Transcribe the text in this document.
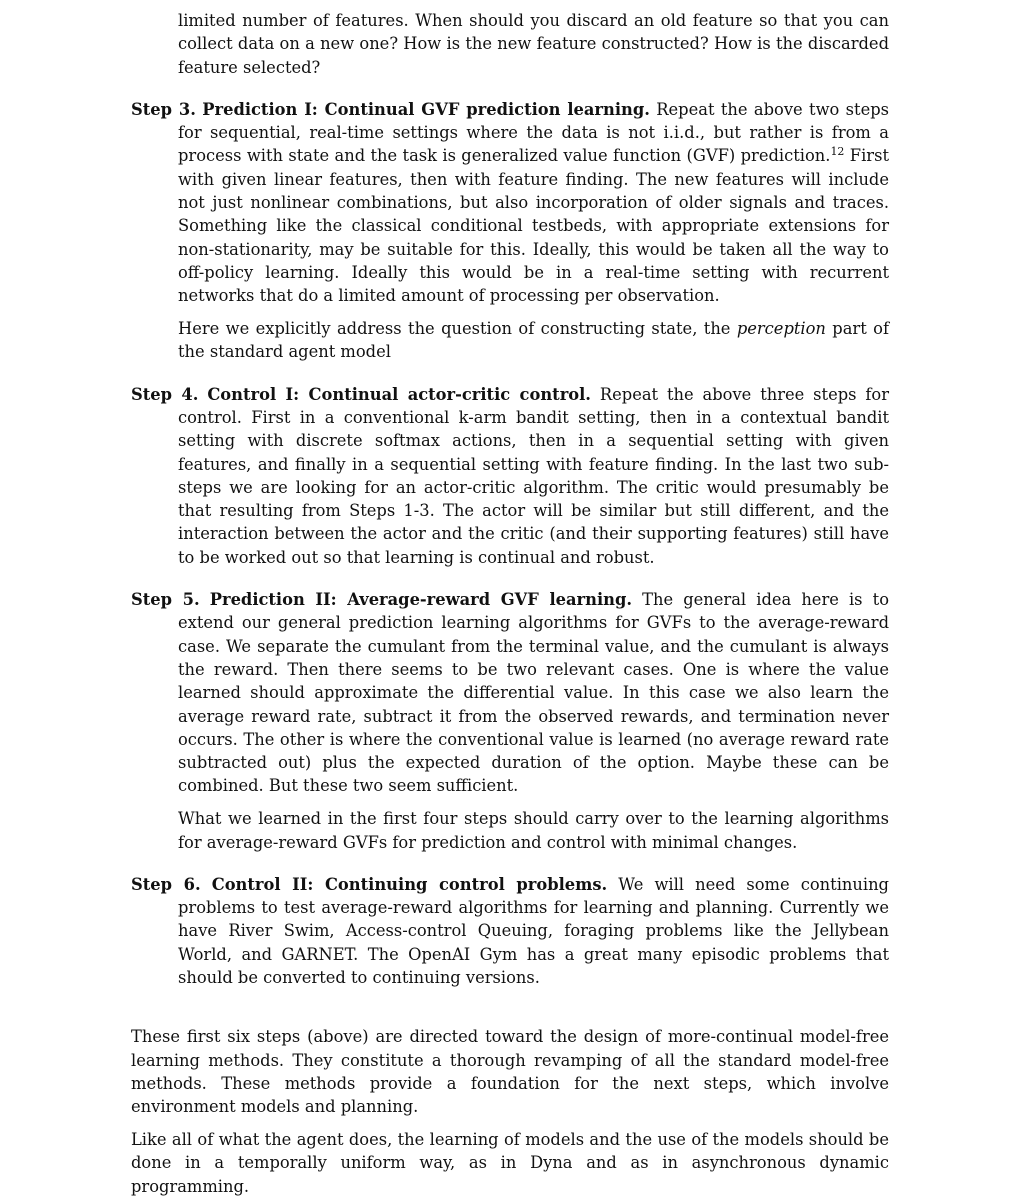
limited number of features. When should you discard an old feature so that you can collect data on a new one? How is the new feature constructed? How is the discarded feature selected?

Step 3. Prediction I: Continual GVF prediction learning. Repeat the above two steps for sequential, real-time settings where the data is not i.i.d., but rather is from a process with state and the task is generalized value function (GVF) prediction.$^{12}$ First with given linear features, then with feature finding. The new features will include not just nonlinear combinations, but also incorporation of older signals and traces. Something like the classical conditional testbeds, with appropriate extensions for non-stationarity, may be suitable for this. Ideally, this would be taken all the way to off-policy learning. Ideally this would be in a real-time setting with recurrent networks that do a limited amount of processing per observation.

Here we explicitly address the question of constructing state, the perception part of the standard agent model

Step 4. Control I: Continual actor-critic control. Repeat the above three steps for control. First in a conventional k-arm bandit setting, then in a contextual bandit setting with discrete softmax actions, then in a sequential setting with given features, and finally in a sequential setting with feature finding. In the last two sub-steps we are looking for an actor-critic algorithm. The critic would presumably be that resulting from Steps 1-3. The actor will be similar but still different, and the interaction between the actor and the critic (and their supporting features) still have to be worked out so that learning is continual and robust.

Step 5. Prediction II: Average-reward GVF learning. The general idea here is to extend our general prediction learning algorithms for GVFs to the average-reward case. We separate the cumulant from the terminal value, and the cumulant is always the reward. Then there seems to be two relevant cases. One is where the value learned should approximate the differential value. In this case we also learn the average reward rate, subtract it from the observed rewards, and termination never occurs. The other is where the conventional value is learned (no average reward rate subtracted out) plus the expected duration of the option. Maybe these can be combined. But these two seem sufficient.

What we learned in the first four steps should carry over to the learning algorithms for average-reward GVFs for prediction and control with minimal changes.

Step 6. Control II: Continuing control problems. We will need some continuing problems to test average-reward algorithms for learning and planning. Currently we have River Swim, Access-control Queuing, foraging problems like the Jellybean World, and GARNET. The OpenAI Gym has a great many episodic problems that should be converted to continuing versions.

These first six steps (above) are directed toward the design of more-continual model-free learning methods. They constitute a thorough revamping of all the standard model-free methods. These methods provide a foundation for the next steps, which involve environment models and planning.

Like all of what the agent does, the learning of models and the use of the models should be done in a temporally uniform way, as in Dyna and as in asynchronous dynamic programming.
